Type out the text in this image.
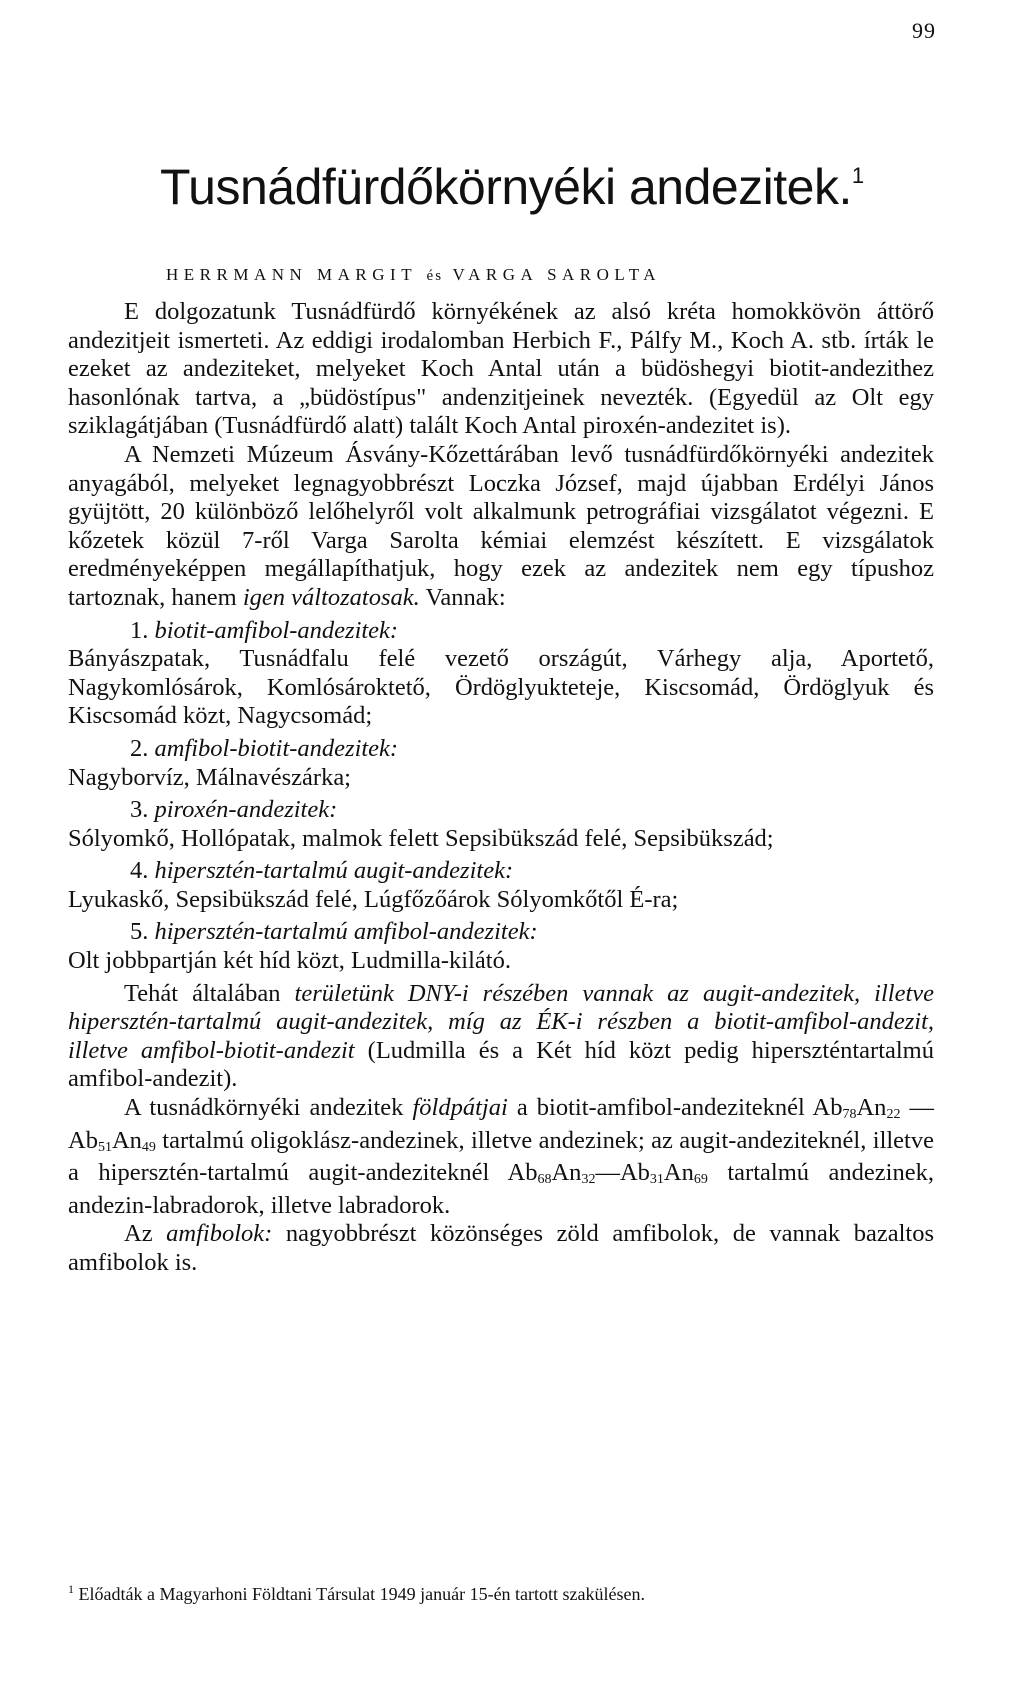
99
Tusnádfürdőkörnyéki andezitek.$^1$
HERRMANN MARGIT és VARGA SAROLTA

E dolgozatunk Tusnádfürdő környékének az alsó kréta homokkövön áttörő andezitjeit ismerteti. Az eddigi irodalomban Herbich F., Pálfy M., Koch A. stb. írták le ezeket az andeziteket, melyeket Koch Antal után a büdöshegyi biotit-andezithez hasonlónak tartva, a „büdöstípus" andenzitjeinek nevezték. (Egyedül az Olt egy sziklagátjában (Tusnádfürdő alatt) talált Koch Antal piroxén-andezitet is).

A Nemzeti Múzeum Ásvány-Kőzettárában levő tusnádfürdőkörnyéki andezitek anyagából, melyeket legnagyobbrészt Loczka József, majd újabban Erdélyi János gyüjtött, 20 különböző lelőhelyről volt alkalmunk petrográfiai vizsgálatot végezni. E kőzetek közül 7-ről Varga Sarolta kémiai elemzést készített. E vizsgálatok eredményeképpen megállapíthatjuk, hogy ezek az andezitek nem egy típushoz tartoznak, hanem igen változatosak. Vannak:

1. biotit-amfibol-andezitek:

Bányászpatak, Tusnádfalu felé vezető országút, Várhegy alja, Aportető, Nagykomlósárok, Komlósároktető, Ördöglyukteteje, Kiscsomád, Ördöglyuk és Kiscsomád közt, Nagycsomád;

2. amfibol-biotit-andezitek:

Nagyborvíz, Málnavészárka;

3. piroxén-andezitek:

Sólyomkő, Hollópatak, malmok felett Sepsibükszád felé, Sepsibükszád;

4. hipersztén-tartalmú augit-andezitek:

Lyukaskő, Sepsibükszád felé, Lúgfőzőárok Sólyomkőtől É-ra;

5. hipersztén-tartalmú amfibol-andezitek:

Olt jobbpartján két híd közt, Ludmilla-kilátó.

Tehát általában területünk DNY-i részében vannak az augit-andezitek, illetve hipersztén-tartalmú augit-andezitek, míg az ÉK-i részben a biotit-amfibol-andezit, illetve amfibol-biotit-andezit (Ludmilla és a Két híd közt pedig hiperszténtartalmú amfibol-andezit).

A tusnádkörnyéki andezitek földpátjai a biotit-amfibol-andeziteknél $Ab_{78}An_{22}$ — $Ab_{51}An_{49}$ tartalmú oligoklász-andezinek, illetve andezinek; az augit-andeziteknél, illetve a hipersztén-tartalmú augit-andeziteknél $Ab_{68}An_{32}—Ab_{31}An_{69}$ tartalmú andezinek, andezin-labradorok, illetve labradorok.

Az amfibolok: nagyobbrészt közönséges zöld amfibolok, de vannak bazaltos amfibolok is.

$^1$ Előadták a Magyarhoni Földtani Társulat 1949 január 15-én tartott szakülésen.
